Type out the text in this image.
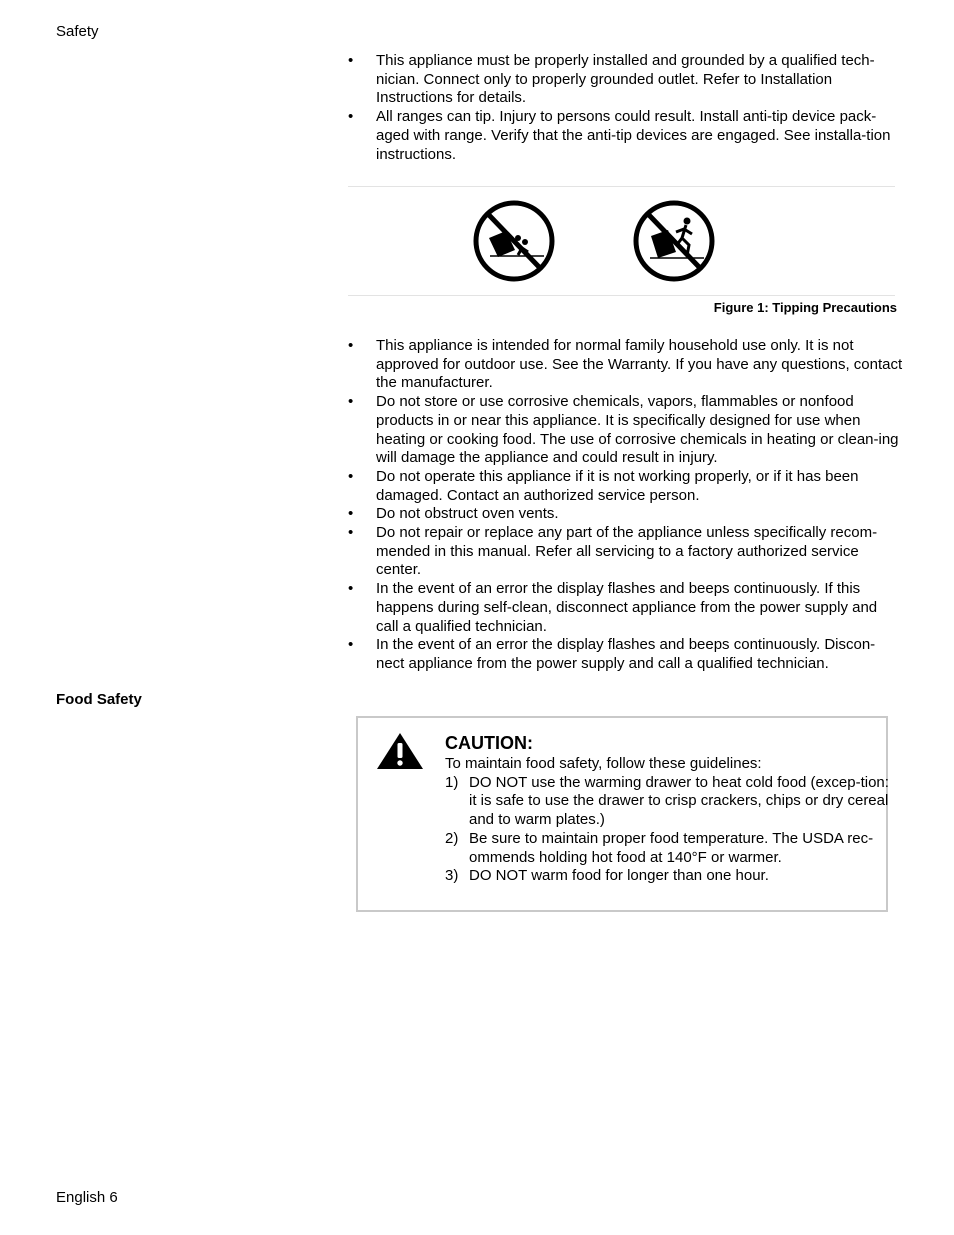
Safety
• This appliance must be properly installed and grounded by a qualified tech-nician. Connect only to properly grounded outlet. Refer to Installation Instructions for details.
• All ranges can tip. Injury to persons could result. Install anti-tip device pack-aged with range. Verify that the anti-tip devices are engaged. See installa-tion instructions.
Figure 1: Tipping Precautions
• This appliance is intended for normal family household use only. It is not approved for outdoor use. See the Warranty. If you have any questions, contact the manufacturer.
• Do not store or use corrosive chemicals, vapors, flammables or nonfood products in or near this appliance. It is specifically designed for use when heating or cooking food. The use of corrosive chemicals in heating or clean-ing will damage the appliance and could result in injury.
• Do not operate this appliance if it is not working properly, or if it has been damaged. Contact an authorized service person.
• Do not obstruct oven vents.
• Do not repair or replace any part of the appliance unless specifically recom-mended in this manual. Refer all servicing to a factory authorized service center.
• In the event of an error the display flashes and beeps continuously. If this happens during self-clean, disconnect appliance from the power supply and call a qualified technician.
• In the event of an error the display flashes and beeps continuously. Discon-nect appliance from the power supply and call a qualified technician.
Food Safety
CAUTION:
To maintain food safety, follow these guidelines:
1) DO NOT use the warming drawer to heat cold food (excep-tion: it is safe to use the drawer to crisp crackers, chips or dry cereal and to warm plates.)
2) Be sure to maintain proper food temperature. The USDA rec-ommends holding hot food at 140°F or warmer.
3) DO NOT warm food for longer than one hour.
English 6
